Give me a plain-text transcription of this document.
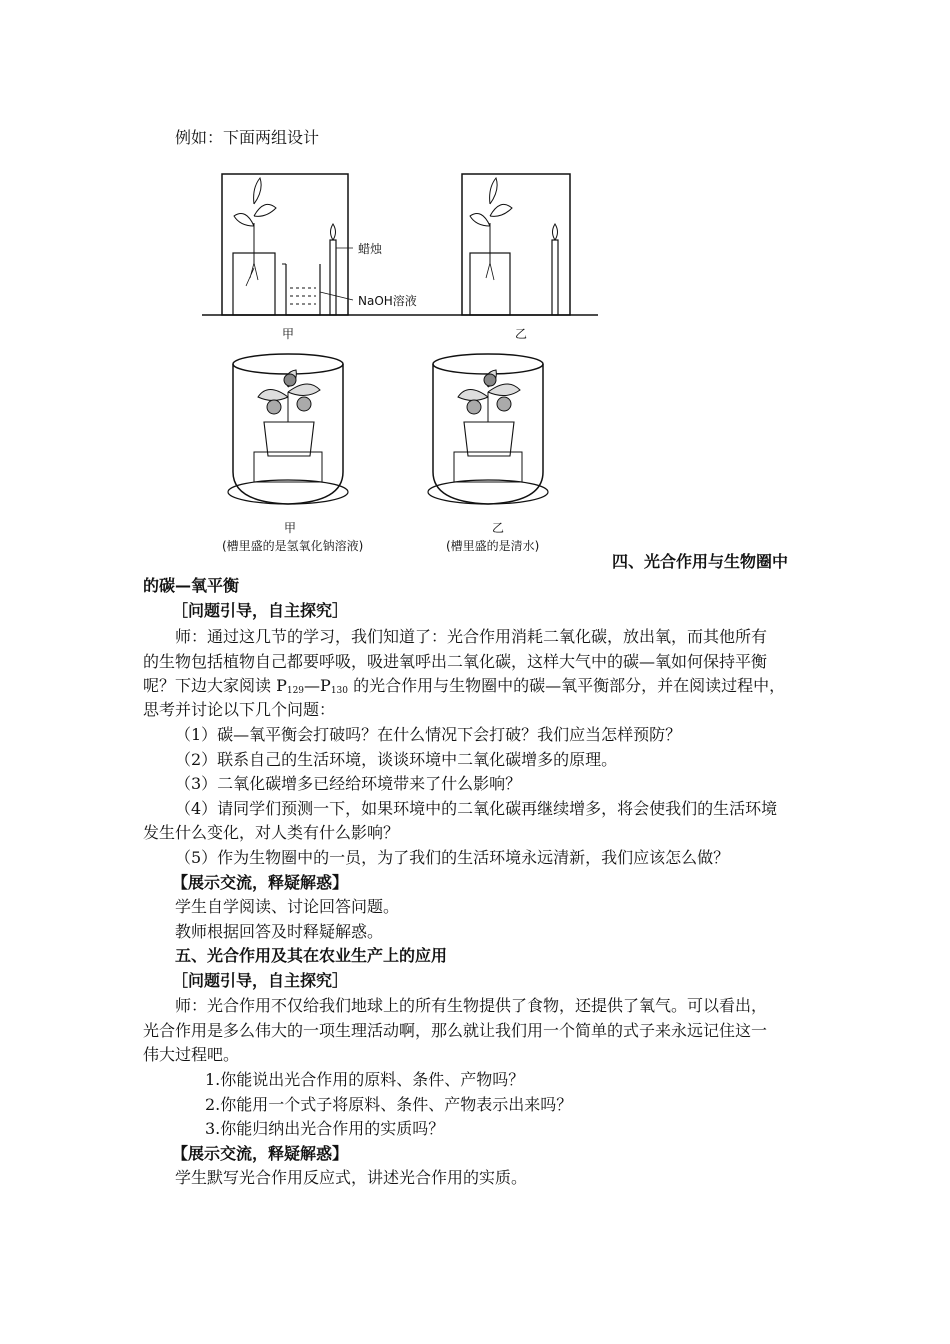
例如：下面两组设计
蜡烛
NaOH溶液
甲	乙
甲	乙
(槽里盛的是氢氧化钠溶液)	(槽里盛的是清水)
四、光合作用与生物圈中
的碳—氧平衡
［问题引导，自主探究］
师：通过这几节的学习，我们知道了：光合作用消耗二氧化碳，放出氧，而其他所有
的生物包括植物自己都要呼吸，吸进氧呼出二氧化碳，这样大气中的碳—氧如何保持平衡
呢？下边大家阅读 $P_{129}—P_{130}$ 的光合作用与生物圈中的碳—氧平衡部分，并在阅读过程中，
思考并讨论以下几个问题：
（1）碳—氧平衡会打破吗？在什么情况下会打破？我们应当怎样预防？
（2）联系自己的生活环境，谈谈环境中二氧化碳增多的原理。
（3）二氧化碳增多已经给环境带来了什么影响？
（4）请同学们预测一下，如果环境中的二氧化碳再继续增多，将会使我们的生活环境
发生什么变化，对人类有什么影响？
（5）作为生物圈中的一员，为了我们的生活环境永远清新，我们应该怎么做？
【展示交流，释疑解惑】
学生自学阅读、讨论回答问题。
教师根据回答及时释疑解惑。
五、光合作用及其在农业生产上的应用
［问题引导，自主探究］
师：光合作用不仅给我们地球上的所有生物提供了食物，还提供了氧气。可以看出，
光合作用是多么伟大的一项生理活动啊，那么就让我们用一个简单的式子来永远记住这一
伟大过程吧。
1.你能说出光合作用的原料、条件、产物吗？
2.你能用一个式子将原料、条件、产物表示出来吗？
3.你能归纳出光合作用的实质吗？
【展示交流，释疑解惑】
学生默写光合作用反应式，讲述光合作用的实质。
